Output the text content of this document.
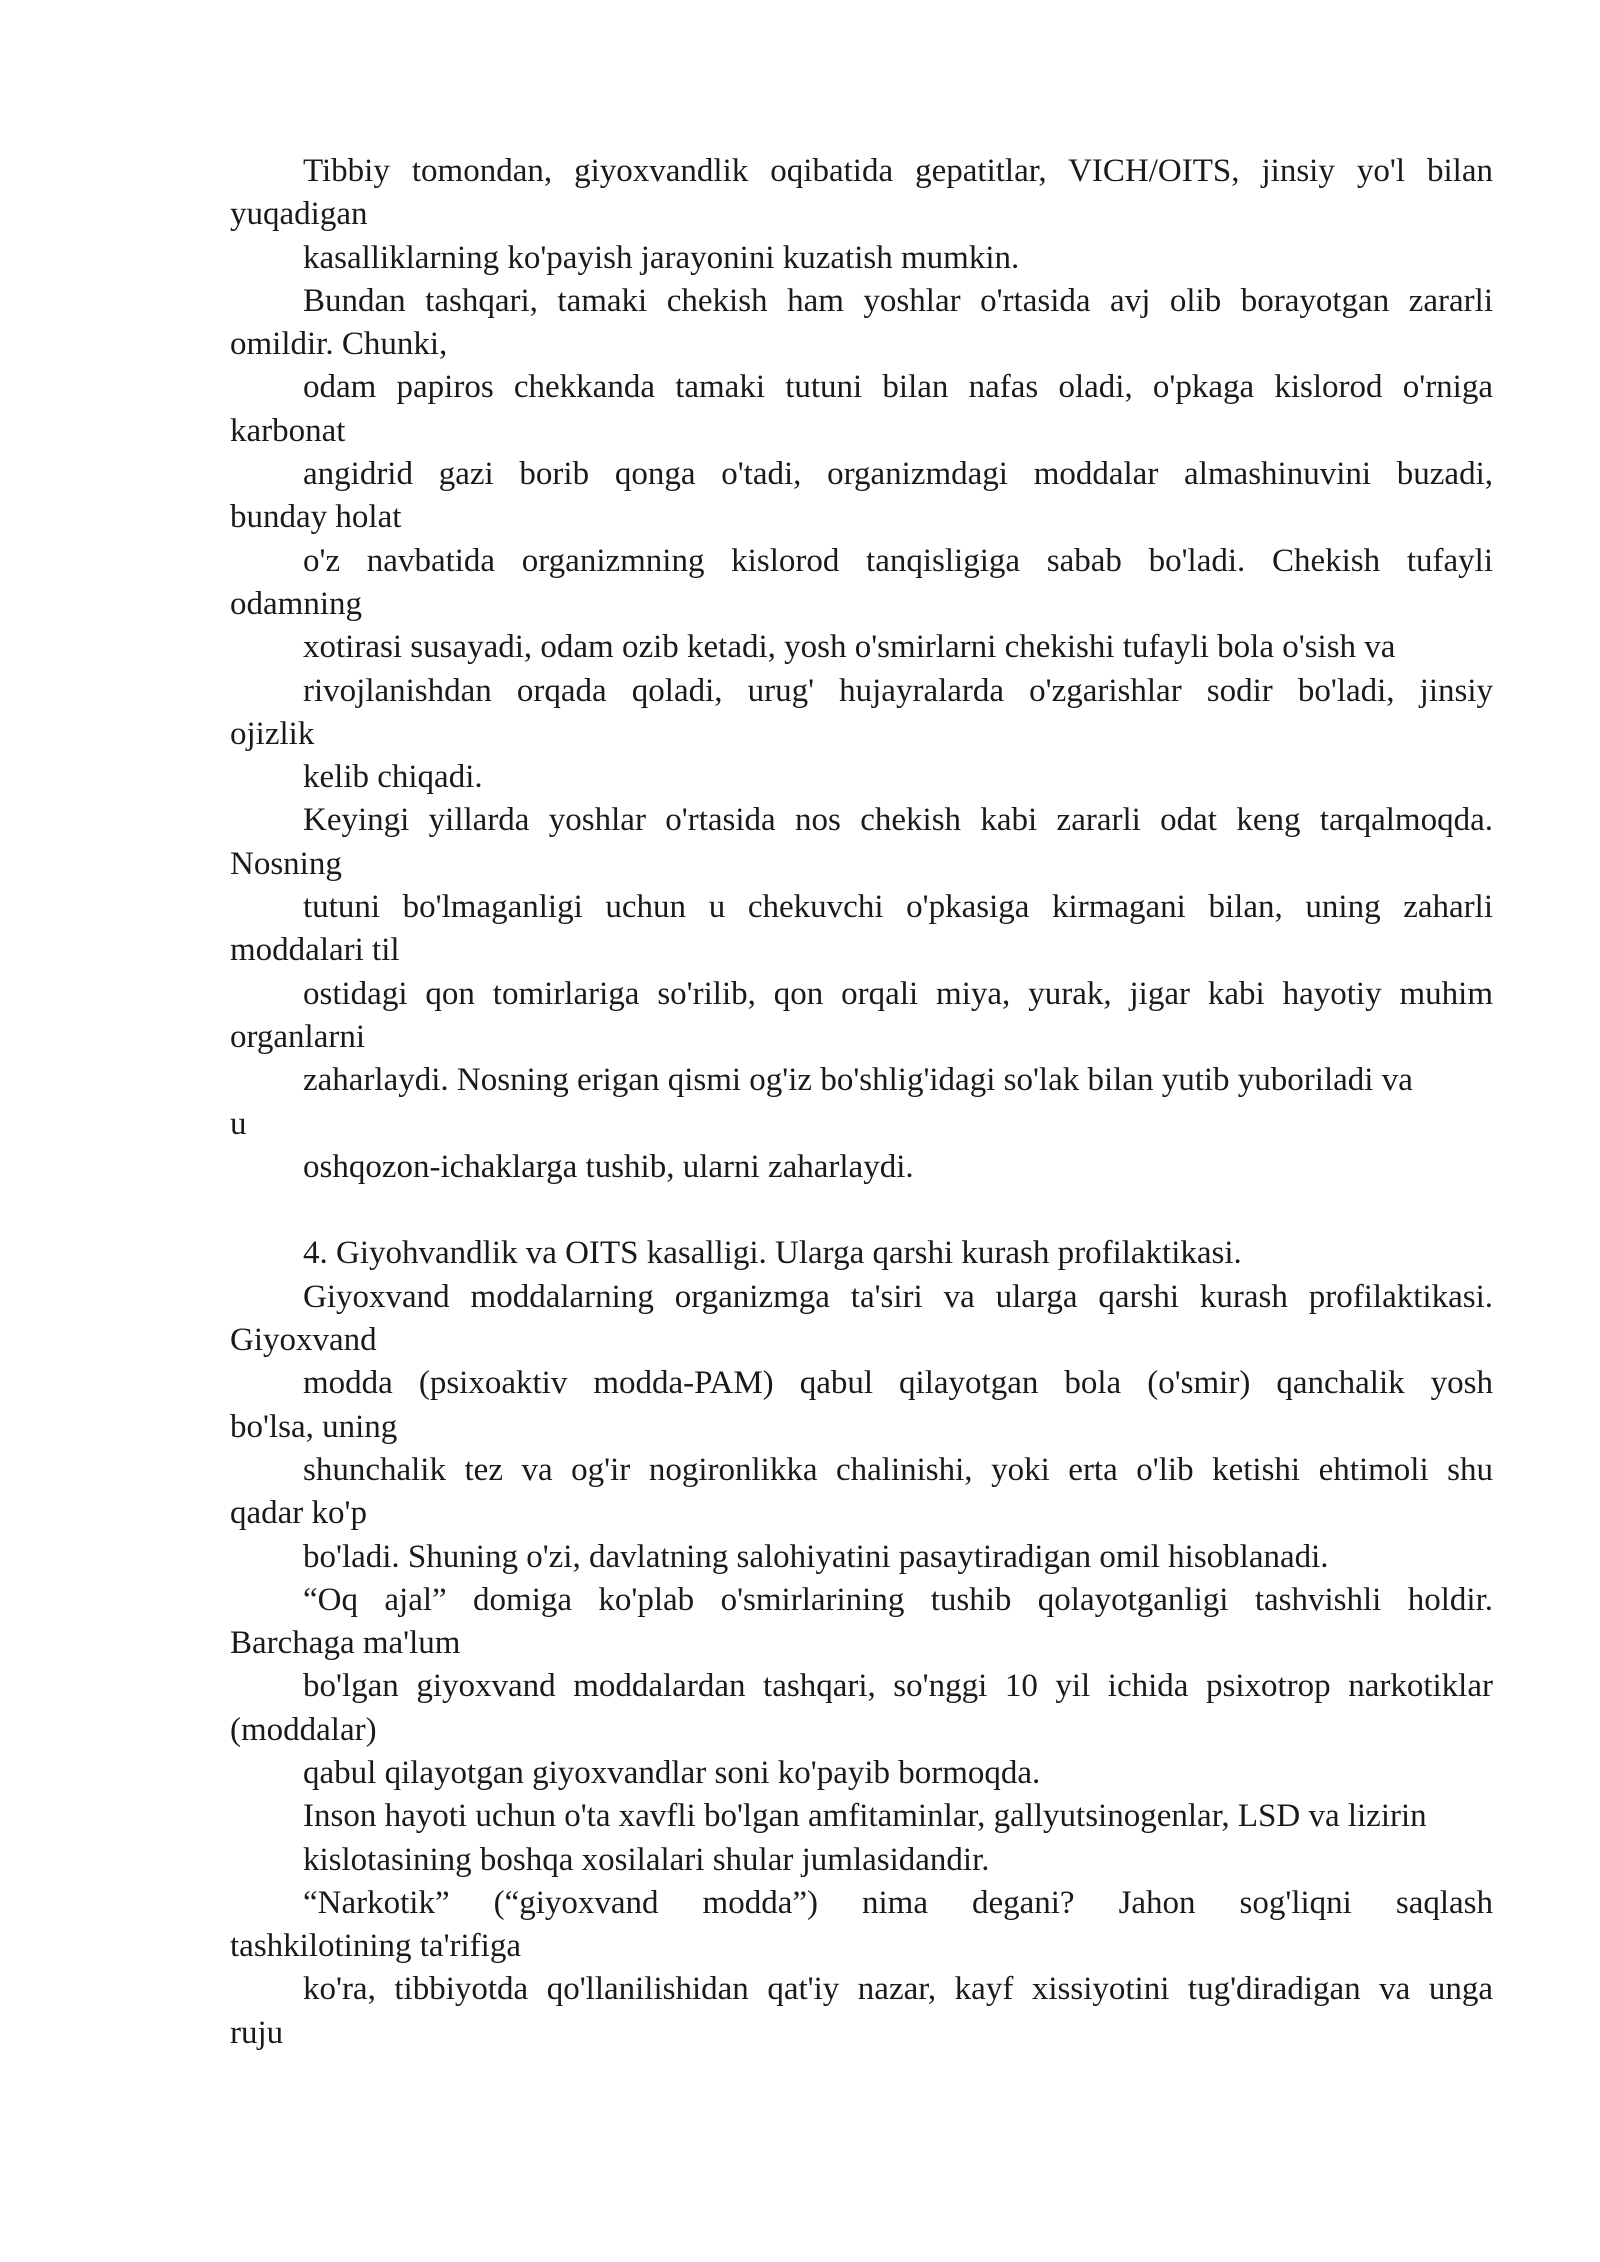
Tibbiy tomondan, giyoxvandlik oqibatida gepatitlar, VICH/OITS, jinsiy yo'l bilan
yuqadigan
kasalliklarning ko'payish jarayonini kuzatish mumkin.
Bundan tashqari, tamaki chekish ham yoshlar o'rtasida avj olib borayotgan zararli
omildir. Chunki,
odam papiros chekkanda tamaki tutuni bilan nafas oladi, o'pkaga kislorod o'rniga
karbonat
angidrid gazi borib qonga o'tadi, organizmdagi moddalar almashinuvini buzadi,
bunday holat
o'z navbatida organizmning kislorod tanqisligiga sabab bo'ladi. Chekish tufayli
odamning
xotirasi susayadi, odam ozib ketadi, yosh o'smirlarni chekishi tufayli bola o'sish va
rivojlanishdan orqada qoladi, urug' hujayralarda o'zgarishlar sodir bo'ladi, jinsiy
ojizlik
kelib chiqadi.
Keyingi yillarda yoshlar o'rtasida nos chekish kabi zararli odat keng tarqalmoqda.
Nosning
tutuni bo'lmaganligi uchun u chekuvchi o'pkasiga kirmagani bilan, uning zaharli
moddalari til
ostidagi qon tomirlariga so'rilib, qon orqali miya, yurak, jigar kabi hayotiy muhim
organlarni
zaharlaydi. Nosning erigan qismi og'iz bo'shlig'idagi so'lak bilan yutib yuboriladi va
u
oshqozon-ichaklarga tushib, ularni zaharlaydi.
4. Giyohvandlik va OITS kasalligi. Ularga qarshi kurash profilaktikasi.
Giyoxvand moddalarning organizmga ta'siri va ularga qarshi kurash profilaktikasi.
Giyoxvand
modda (psixoaktiv modda-PAM) qabul qilayotgan bola (o'smir) qanchalik yosh
bo'lsa, uning
shunchalik tez va og'ir nogironlikka chalinishi, yoki erta o'lib ketishi ehtimoli shu
qadar ko'p
bo'ladi. Shuning o'zi, davlatning salohiyatini pasaytiradigan omil hisoblanadi.
“Oq ajal” domiga ko'plab o'smirlarining tushib qolayotganligi tashvishli holdir.
Barchaga ma'lum
bo'lgan giyoxvand moddalardan tashqari, so'nggi 10 yil ichida psixotrop narkotiklar
(moddalar)
qabul qilayotgan giyoxvandlar soni ko'payib bormoqda.
Inson hayoti uchun o'ta xavfli bo'lgan amfitaminlar, gallyutsinogenlar, LSD va lizirin
kislotasining boshqa xosilalari shular jumlasidandir.
“Narkotik” (“giyoxvand modda”) nima degani? Jahon sog'liqni saqlash
tashkilotining ta'rifiga
ko'ra, tibbiyotda qo'llanilishidan qat'iy nazar, kayf xissiyotini tug'diradigan va unga
ruju
